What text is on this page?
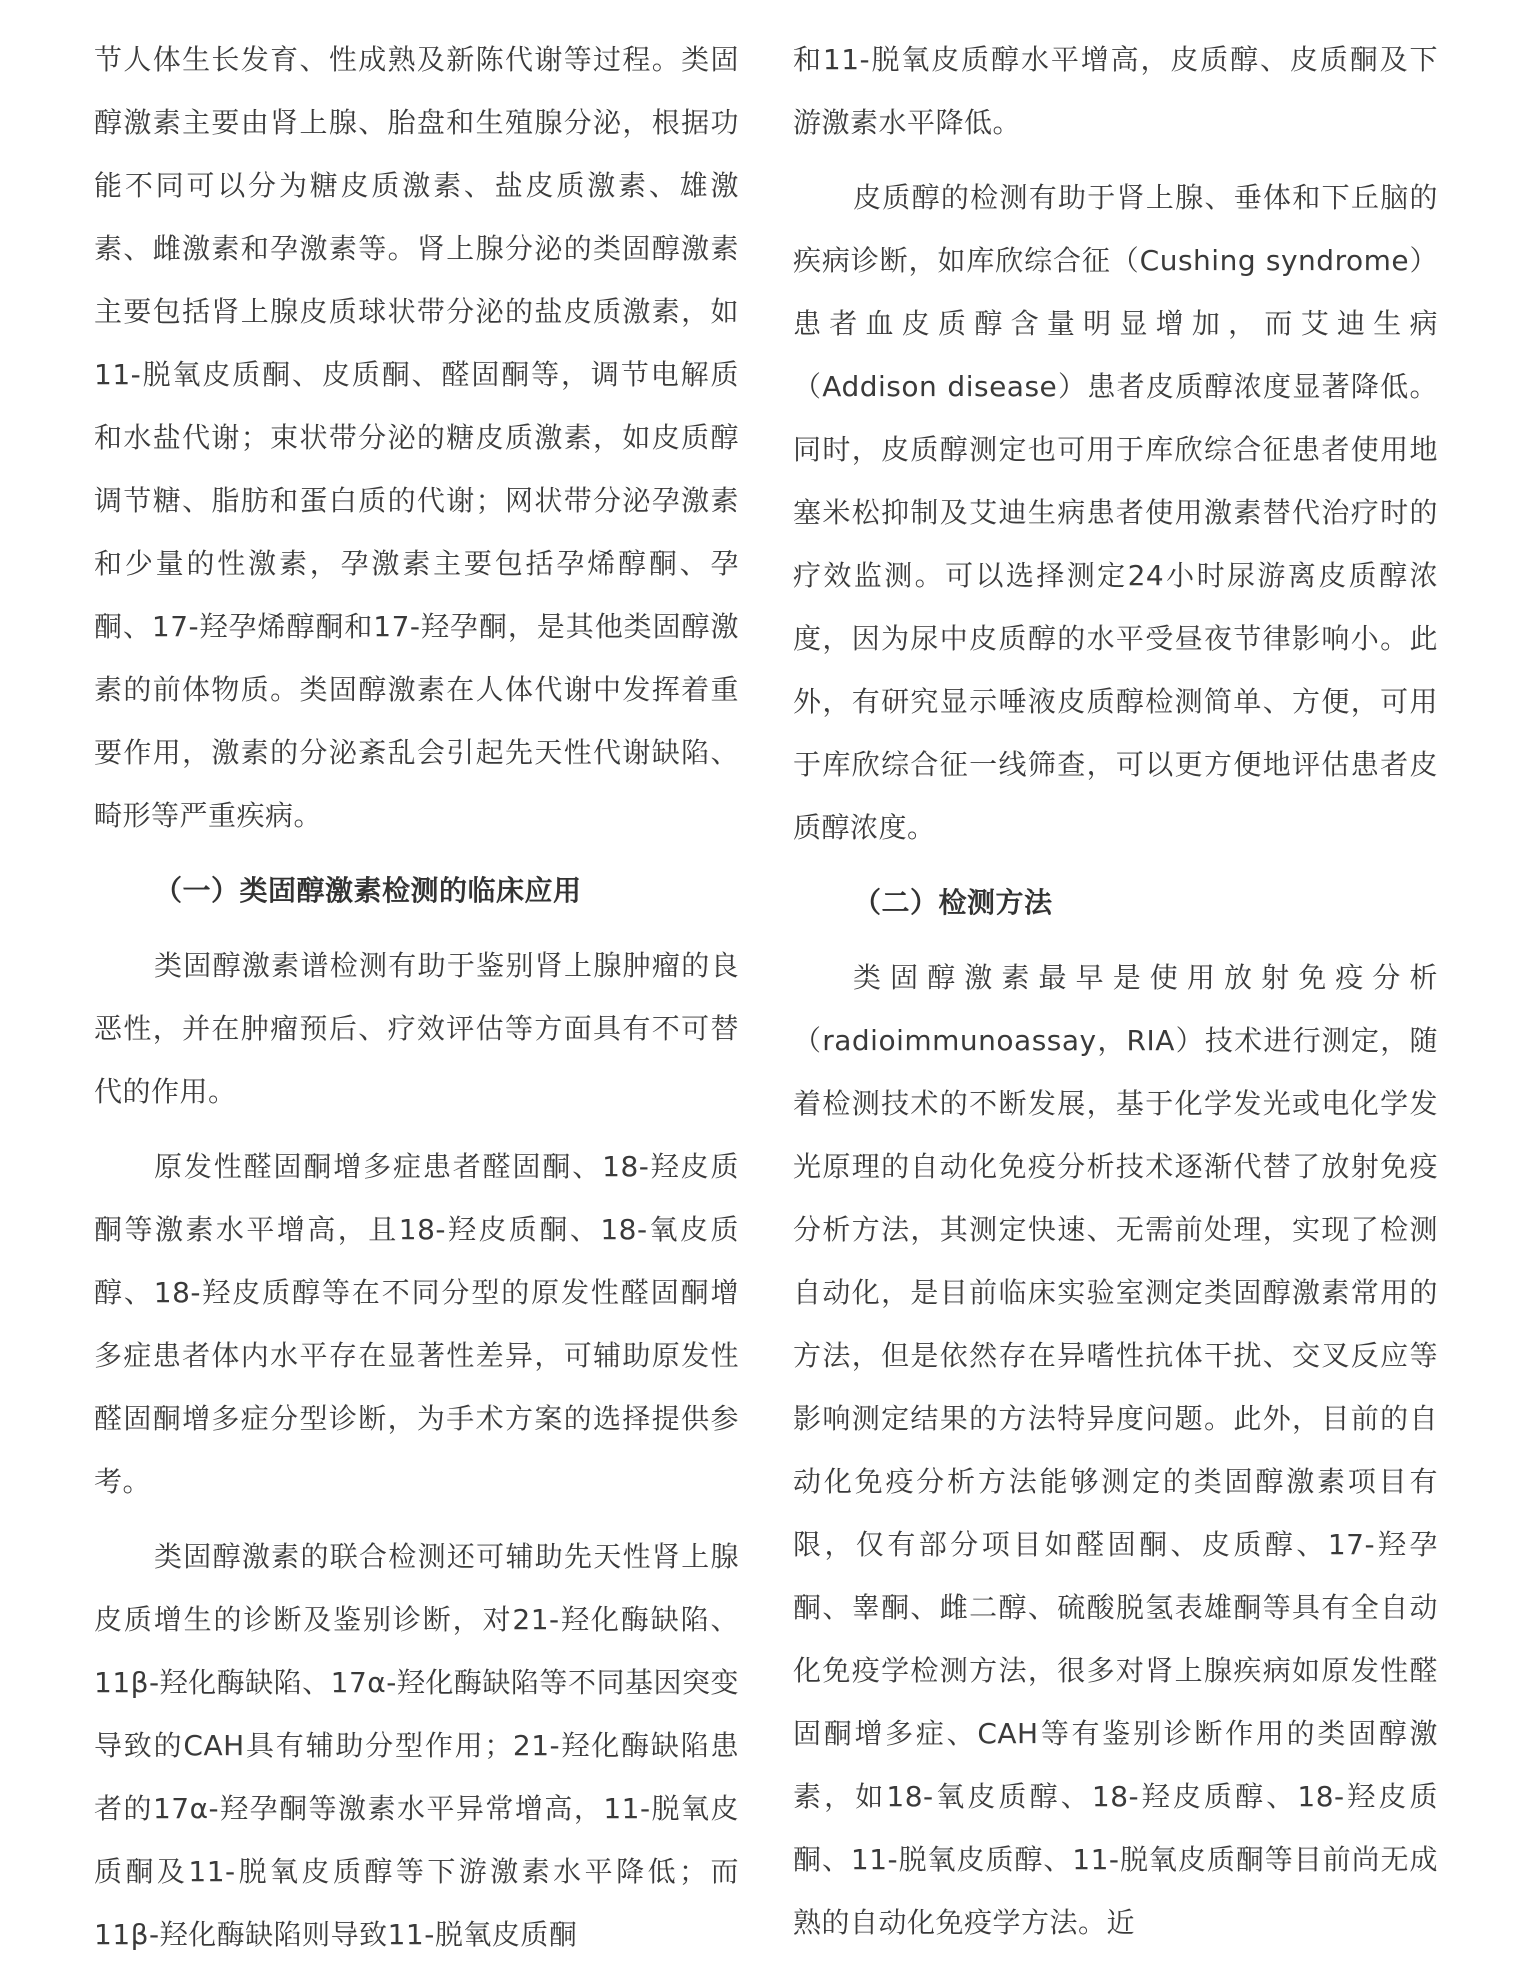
节人体生长发育、性成熟及新陈代谢等过程。类固醇激素主要由肾上腺、胎盘和生殖腺分泌，根据功能不同可以分为糖皮质激素、盐皮质激素、雄激素、雌激素和孕激素等。肾上腺分泌的类固醇激素主要包括肾上腺皮质球状带分泌的盐皮质激素，如11-脱氧皮质酮、皮质酮、醛固酮等，调节电解质和水盐代谢；束状带分泌的糖皮质激素，如皮质醇调节糖、脂肪和蛋白质的代谢；网状带分泌孕激素和少量的性激素，孕激素主要包括孕烯醇酮、孕酮、17-羟孕烯醇酮和17-羟孕酮，是其他类固醇激素的前体物质。类固醇激素在人体代谢中发挥着重要作用，激素的分泌紊乱会引起先天性代谢缺陷、畸形等严重疾病。

（一）类固醇激素检测的临床应用

类固醇激素谱检测有助于鉴别肾上腺肿瘤的良恶性，并在肿瘤预后、疗效评估等方面具有不可替代的作用。

原发性醛固酮增多症患者醛固酮、18-羟皮质酮等激素水平增高，且18-羟皮质酮、18-氧皮质醇、18-羟皮质醇等在不同分型的原发性醛固酮增多症患者体内水平存在显著性差异，可辅助原发性醛固酮增多症分型诊断，为手术方案的选择提供参考。

类固醇激素的联合检测还可辅助先天性肾上腺皮质增生的诊断及鉴别诊断，对21-羟化酶缺陷、11β-羟化酶缺陷、17α-羟化酶缺陷等不同基因突变导致的CAH具有辅助分型作用；21-羟化酶缺陷患者的17α-羟孕酮等激素水平异常增高，11-脱氧皮质酮及11-脱氧皮质醇等下游激素水平降低；而11β-羟化酶缺陷则导致11-脱氧皮质酮

和11-脱氧皮质醇水平增高，皮质醇、皮质酮及下游激素水平降低。

皮质醇的检测有助于肾上腺、垂体和下丘脑的疾病诊断，如库欣综合征（Cushing syndrome）患者血皮质醇含量明显增加，而艾迪生病（Addison disease）患者皮质醇浓度显著降低。同时，皮质醇测定也可用于库欣综合征患者使用地塞米松抑制及艾迪生病患者使用激素替代治疗时的疗效监测。可以选择测定24小时尿游离皮质醇浓度，因为尿中皮质醇的水平受昼夜节律影响小。此外，有研究显示唾液皮质醇检测简单、方便，可用于库欣综合征一线筛查，可以更方便地评估患者皮质醇浓度。

（二）检测方法

类固醇激素最早是使用放射免疫分析（radioimmunoassay，RIA）技术进行测定，随着检测技术的不断发展，基于化学发光或电化学发光原理的自动化免疫分析技术逐渐代替了放射免疫分析方法，其测定快速、无需前处理，实现了检测自动化，是目前临床实验室测定类固醇激素常用的方法，但是依然存在异嗜性抗体干扰、交叉反应等影响测定结果的方法特异度问题。此外，目前的自动化免疫分析方法能够测定的类固醇激素项目有限，仅有部分项目如醛固酮、皮质醇、17-羟孕酮、睾酮、雌二醇、硫酸脱氢表雄酮等具有全自动化免疫学检测方法，很多对肾上腺疾病如原发性醛固酮增多症、CAH等有鉴别诊断作用的类固醇激素，如18-氧皮质醇、18-羟皮质醇、18-羟皮质酮、11-脱氧皮质醇、11-脱氧皮质酮等目前尚无成熟的自动化免疫学方法。近
